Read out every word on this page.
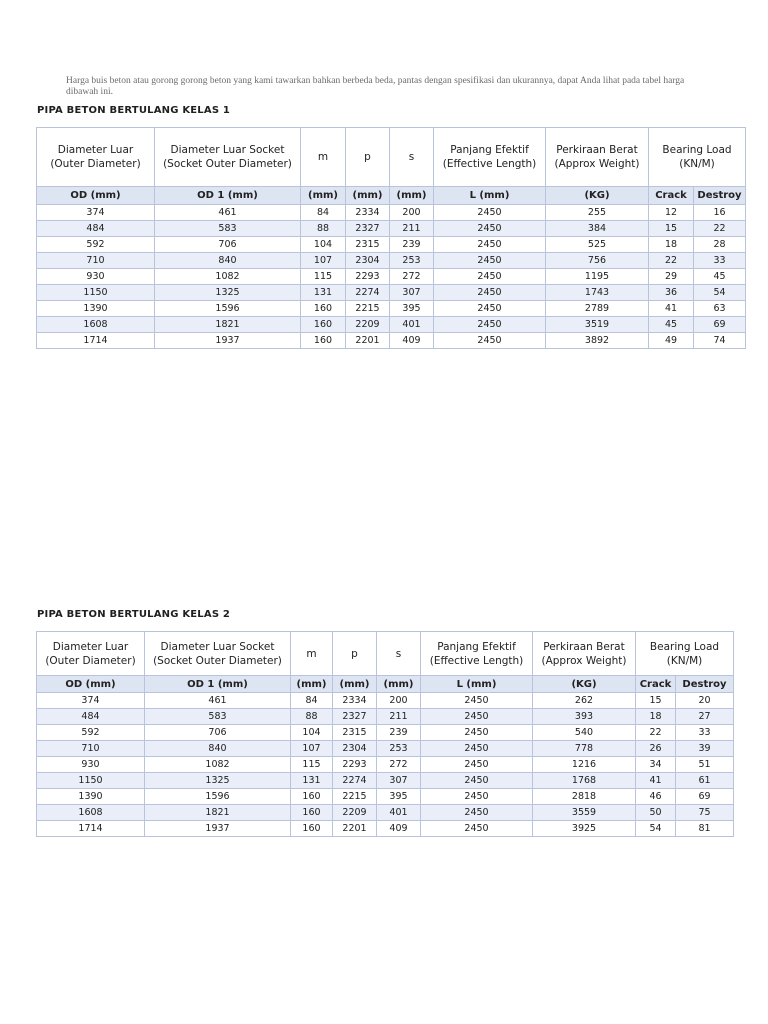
Harga buis beton atau gorong gorong beton yang kami tawarkan bahkan berbeda beda, pantas dengan spesifikasi dan ukurannya, dapat Anda lihat pada tabel harga dibawah ini.

PIPA BETON BERTULANG KELAS 1
Diameter Luar
(Outer Diameter)	Diameter Luar Socket
(Socket Outer Diameter)	m	p	s	Panjang Efektif
(Effective Length)	Perkiraan Berat
(Approx Weight)	Bearing Load
(KN/M)	
OD (mm)	OD 1 (mm)	(mm)	(mm)	(mm)	L (mm)	(KG)	Crack	Destroy
374	461	84	2334	200	2450	255	12	16
484	583	88	2327	211	2450	384	15	22
592	706	104	2315	239	2450	525	18	28
710	840	107	2304	253	2450	756	22	33
930	1082	115	2293	272	2450	1195	29	45
1150	1325	131	2274	307	2450	1743	36	54
1390	1596	160	2215	395	2450	2789	41	63
1608	1821	160	2209	401	2450	3519	45	69
1714	1937	160	2201	409	2450	3892	49	74
PIPA BETON BERTULANG KELAS 2
Diameter Luar
(Outer Diameter)	Diameter Luar Socket
(Socket Outer Diameter)	m	p	s	Panjang Efektif
(Effective Length)	Perkiraan Berat
(Approx Weight)	Bearing Load
(KN/M)	
OD (mm)	OD 1 (mm)	(mm)	(mm)	(mm)	L (mm)	(KG)	Crack	Destroy
374	461	84	2334	200	2450	262	15	20
484	583	88	2327	211	2450	393	18	27
592	706	104	2315	239	2450	540	22	33
710	840	107	2304	253	2450	778	26	39
930	1082	115	2293	272	2450	1216	34	51
1150	1325	131	2274	307	2450	1768	41	61
1390	1596	160	2215	395	2450	2818	46	69
1608	1821	160	2209	401	2450	3559	50	75
1714	1937	160	2201	409	2450	3925	54	81
